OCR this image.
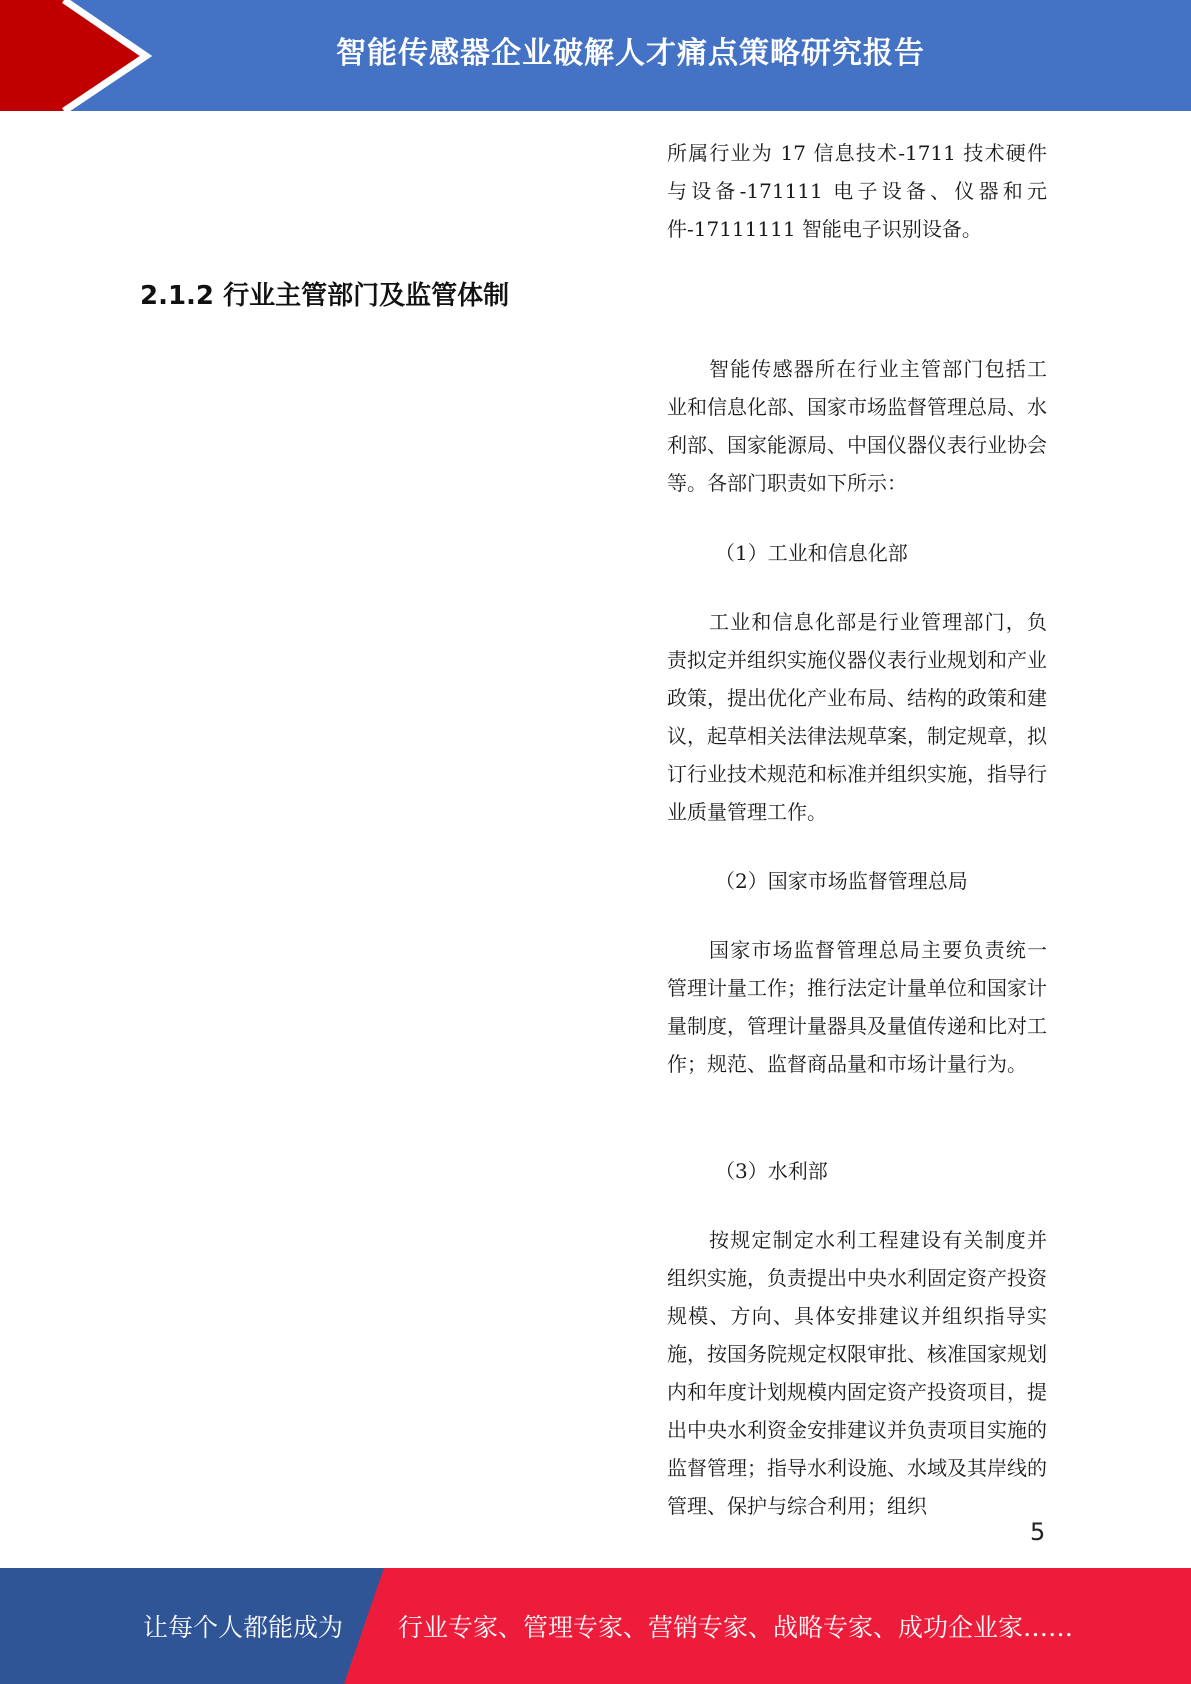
智能传感器企业破解人才痛点策略研究报告

所属行业为 17 信息技术-1711 技术硬件与设备-171111 电子设备、仪器和元件-17111111 智能电子识别设备。

2.1.2 行业主管部门及监管体制

智能传感器所在行业主管部门包括工业和信息化部、国家市场监督管理总局、水利部、国家能源局、中国仪器仪表行业协会等。各部门职责如下所示：

（1）工业和信息化部

工业和信息化部是行业管理部门，负责拟定并组织实施仪器仪表行业规划和产业政策，提出优化产业布局、结构的政策和建议，起草相关法律法规草案，制定规章，拟订行业技术规范和标准并组织实施，指导行业质量管理工作。

（2）国家市场监督管理总局

国家市场监督管理总局主要负责统一管理计量工作；推行法定计量单位和国家计量制度，管理计量器具及量值传递和比对工作；规范、监督商品量和市场计量行为。

（3）水利部

按规定制定水利工程建设有关制度并组织实施，负责提出中央水利固定资产投资规模、方向、具体安排建议并组织指导实施，按国务院规定权限审批、核准国家规划内和年度计划规模内固定资产投资项目，提出中央水利资金安排建议并负责项目实施的监督管理；指导水利设施、水域及其岸线的管理、保护与综合利用；组织

5
让每个人都能成为 行业专家、管理专家、营销专家、战略专家、成功企业家……
